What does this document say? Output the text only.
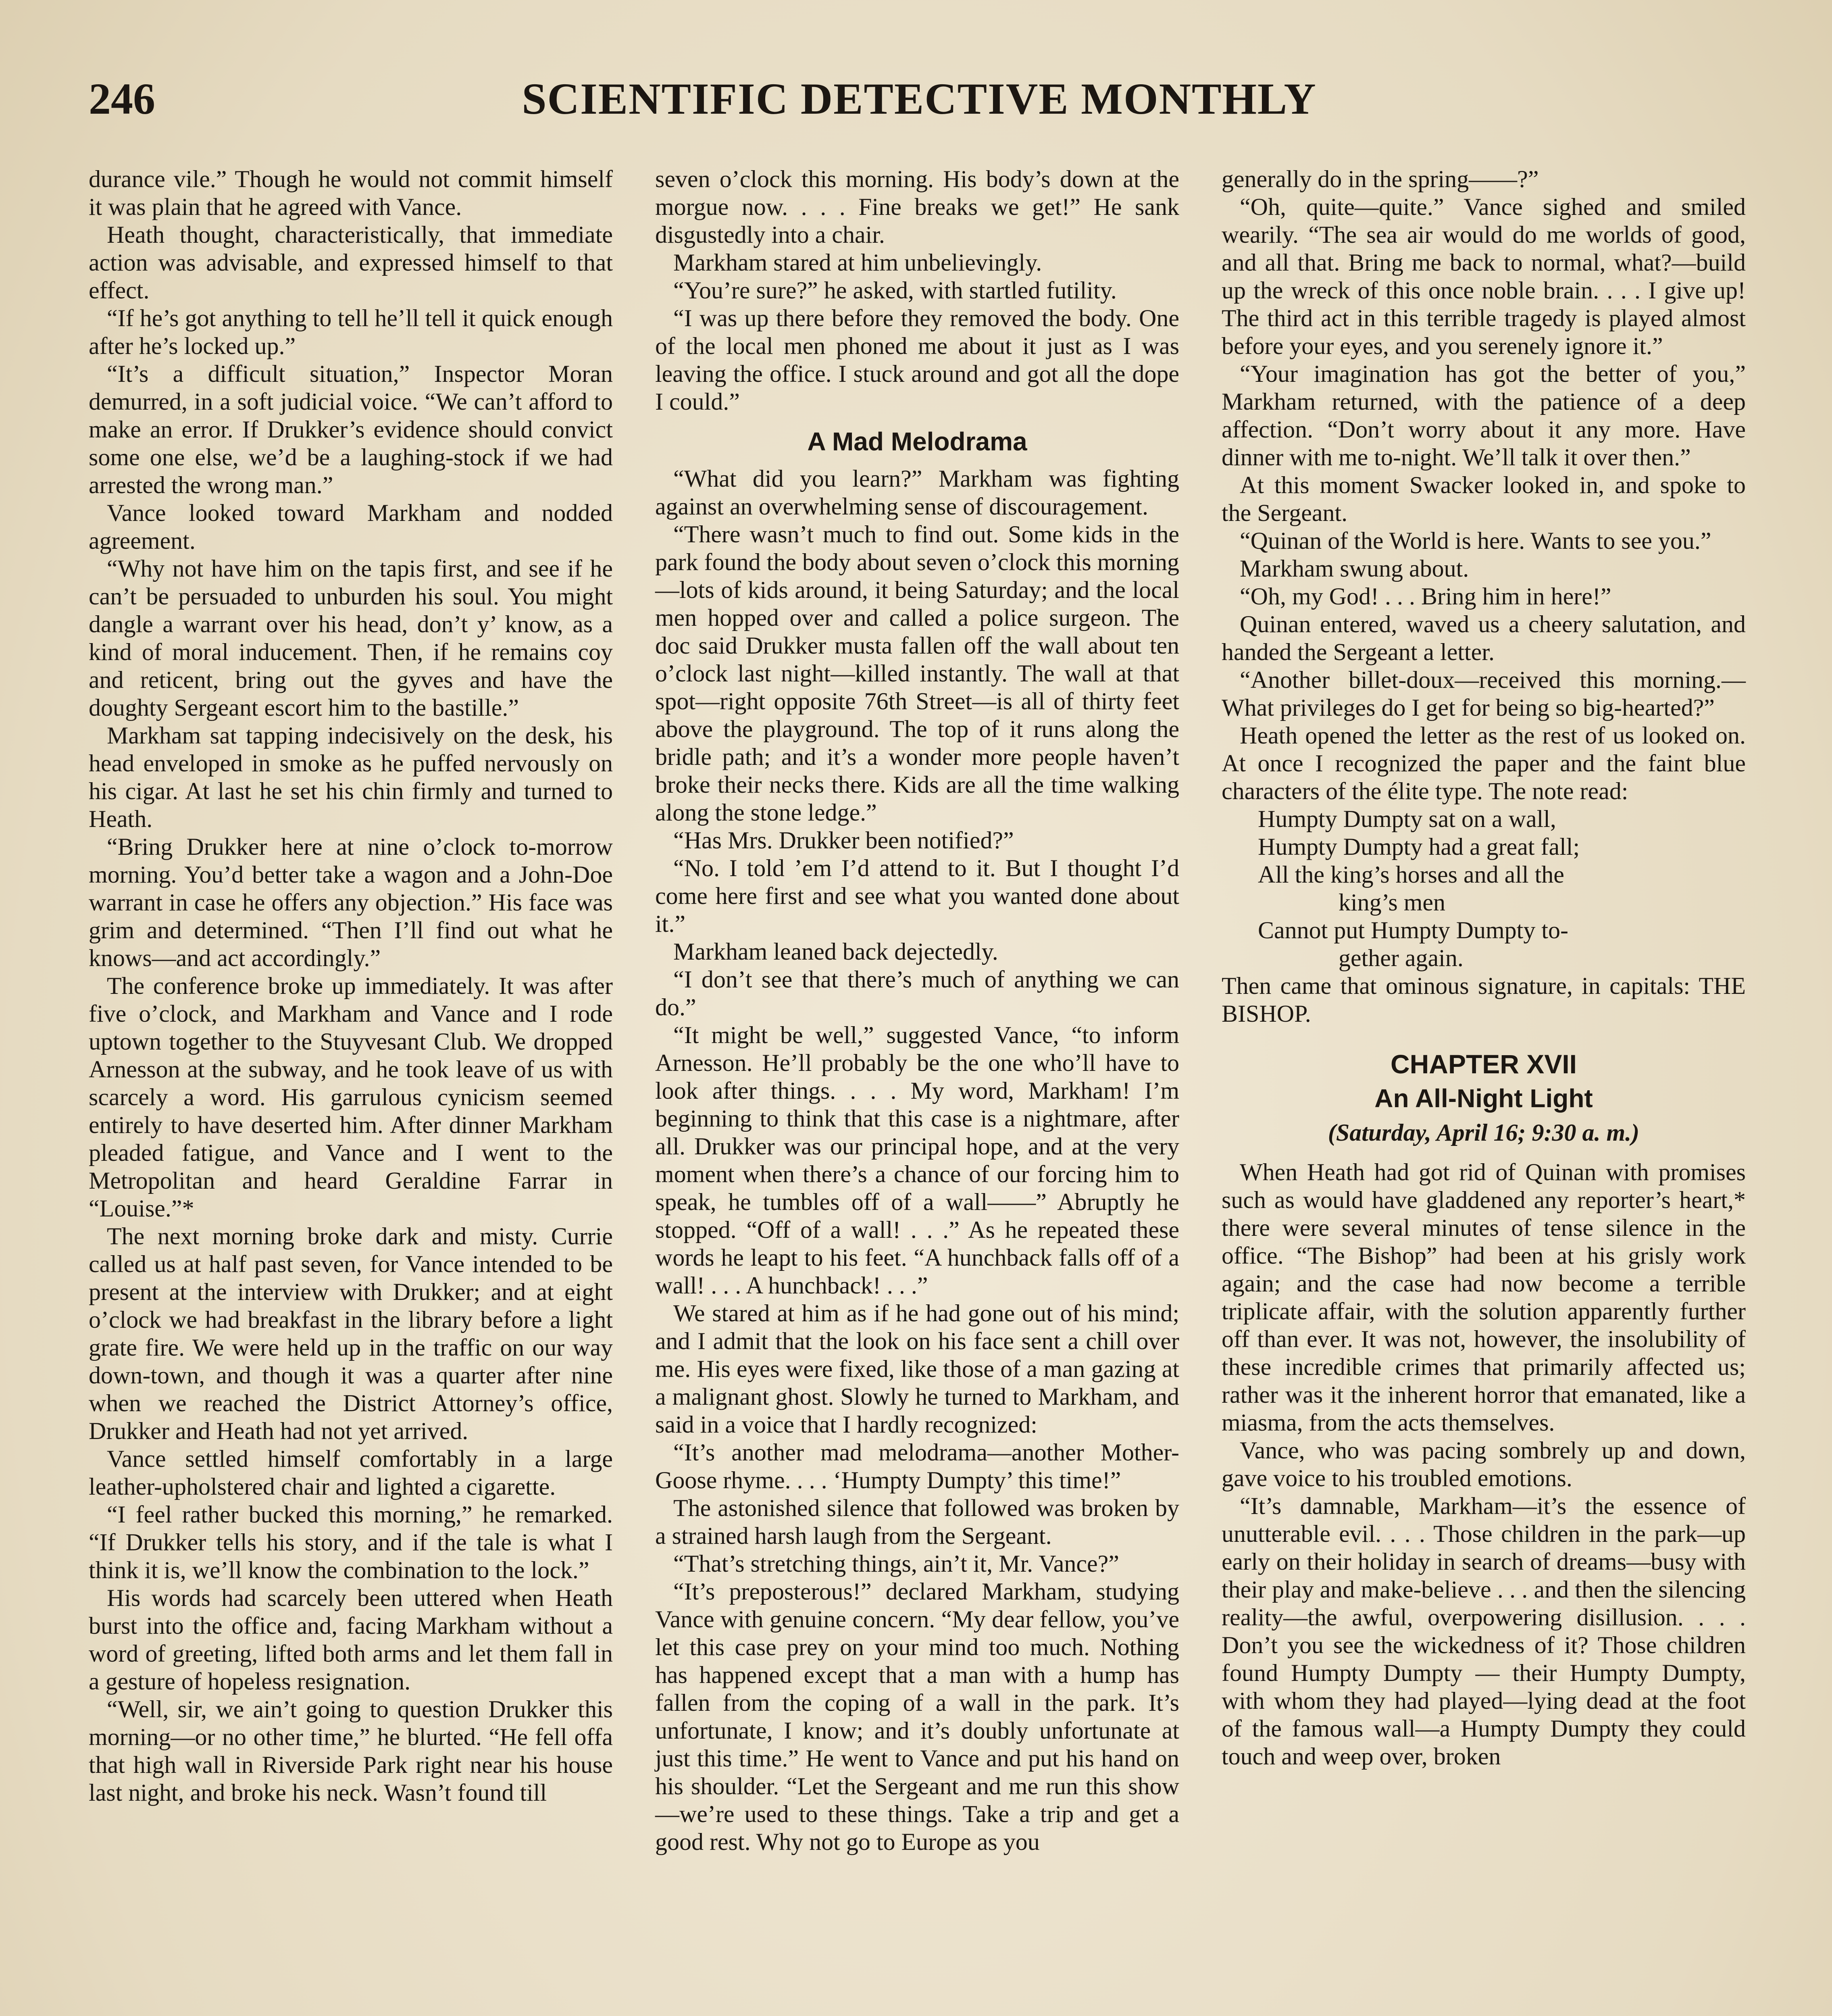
246	SCIENTIFIC DETECTIVE MONTHLY

durance vile.” Though he would not commit himself it was plain that he agreed with Vance.

Heath thought, characteristically, that immediate action was advisable, and expressed himself to that effect.

“If he’s got anything to tell he’ll tell it quick enough after he’s locked up.”

“It’s a difficult situation,” Inspector Moran demurred, in a soft judicial voice. “We can’t afford to make an error. If Drukker’s evidence should convict some one else, we’d be a laughing-stock if we had arrested the wrong man.”

Vance looked toward Markham and nodded agreement.

“Why not have him on the tapis first, and see if he can’t be persuaded to unburden his soul. You might dangle a warrant over his head, don’t y’ know, as a kind of moral inducement. Then, if he remains coy and reticent, bring out the gyves and have the doughty Sergeant escort him to the bastille.”

Markham sat tapping indecisively on the desk, his head enveloped in smoke as he puffed nervously on his cigar. At last he set his chin firmly and turned to Heath.

“Bring Drukker here at nine o’clock to-morrow morning. You’d better take a wagon and a John-Doe warrant in case he offers any objection.” His face was grim and determined. “Then I’ll find out what he knows—and act accordingly.”

The conference broke up immediately. It was after five o’clock, and Markham and Vance and I rode uptown together to the Stuyvesant Club. We dropped Arnesson at the subway, and he took leave of us with scarcely a word. His garrulous cynicism seemed entirely to have deserted him. After dinner Markham pleaded fatigue, and Vance and I went to the Metropolitan and heard Geraldine Farrar in “Louise.”*

The next morning broke dark and misty. Currie called us at half past seven, for Vance intended to be present at the interview with Drukker; and at eight o’clock we had breakfast in the library before a light grate fire. We were held up in the traffic on our way down-town, and though it was a quarter after nine when we reached the District Attorney’s office, Drukker and Heath had not yet arrived.

Vance settled himself comfortably in a large leather-upholstered chair and lighted a cigarette.

“I feel rather bucked this morning,” he remarked. “If Drukker tells his story, and if the tale is what I think it is, we’ll know the combination to the lock.”

His words had scarcely been uttered when Heath burst into the office and, facing Markham without a word of greeting, lifted both arms and let them fall in a gesture of hopeless resignation.

“Well, sir, we ain’t going to question Drukker this morning—or no other time,” he blurted. “He fell offa that high wall in Riverside Park right near his house last night, and broke his neck. Wasn’t found till

seven o’clock this morning. His body’s down at the morgue now. . . . Fine breaks we get!” He sank disgustedly into a chair.

Markham stared at him unbelievingly.

“You’re sure?” he asked, with startled futility.

“I was up there before they removed the body. One of the local men phoned me about it just as I was leaving the office. I stuck around and got all the dope I could.”

A Mad Melodrama

“What did you learn?” Markham was fighting against an overwhelming sense of discouragement.

“There wasn’t much to find out. Some kids in the park found the body about seven o’clock this morning—lots of kids around, it being Saturday; and the local men hopped over and called a police surgeon. The doc said Drukker musta fallen off the wall about ten o’clock last night—killed instantly. The wall at that spot—right opposite 76th Street—is all of thirty feet above the playground. The top of it runs along the bridle path; and it’s a wonder more people haven’t broke their necks there. Kids are all the time walking along the stone ledge.”

“Has Mrs. Drukker been notified?”

“No. I told ’em I’d attend to it. But I thought I’d come here first and see what you wanted done about it.”

Markham leaned back dejectedly.

“I don’t see that there’s much of anything we can do.”

“It might be well,” suggested Vance, “to inform Arnesson. He’ll probably be the one who’ll have to look after things. . . . My word, Markham! I’m beginning to think that this case is a nightmare, after all. Drukker was our principal hope, and at the very moment when there’s a chance of our forcing him to speak, he tumbles off of a wall——” Abruptly he stopped. “Off of a wall! . . .” As he repeated these words he leapt to his feet. “A hunchback falls off of a wall! . . . A hunchback! . . .”

We stared at him as if he had gone out of his mind; and I admit that the look on his face sent a chill over me. His eyes were fixed, like those of a man gazing at a malignant ghost. Slowly he turned to Markham, and said in a voice that I hardly recognized:

“It’s another mad melodrama—another Mother-Goose rhyme. . . . ‘Humpty Dumpty’ this time!”

The astonished silence that followed was broken by a strained harsh laugh from the Sergeant.

“That’s stretching things, ain’t it, Mr. Vance?”

“It’s preposterous!” declared Markham, studying Vance with genuine concern. “My dear fellow, you’ve let this case prey on your mind too much. Nothing has happened except that a man with a hump has fallen from the coping of a wall in the park. It’s unfortunate, I know; and it’s doubly unfortunate at just this time.” He went to Vance and put his hand on his shoulder. “Let the Sergeant and me run this show—we’re used to these things. Take a trip and get a good rest. Why not go to Europe as you

generally do in the spring——?”

“Oh, quite—quite.” Vance sighed and smiled wearily. “The sea air would do me worlds of good, and all that. Bring me back to normal, what?—build up the wreck of this once noble brain. . . . I give up! The third act in this terrible tragedy is played almost before your eyes, and you serenely ignore it.”

“Your imagination has got the better of you,” Markham returned, with the patience of a deep affection. “Don’t worry about it any more. Have dinner with me to-night. We’ll talk it over then.”

At this moment Swacker looked in, and spoke to the Sergeant.

“Quinan of the World is here. Wants to see you.”

Markham swung about.

“Oh, my God! . . . Bring him in here!”

Quinan entered, waved us a cheery salutation, and handed the Sergeant a letter.

“Another billet-doux—received this morning.—What privileges do I get for being so big-hearted?”

Heath opened the letter as the rest of us looked on. At once I recognized the paper and the faint blue characters of the élite type. The note read:

Humpty Dumpty sat on a wall,
Humpty Dumpty had a great fall;
All the king’s horses and all the
king’s men
Cannot put Humpty Dumpty to-
gether again.

Then came that ominous signature, in capitals: THE BISHOP.

CHAPTER XVII
An All-Night Light
(Saturday, April 16; 9:30 a. m.)

When Heath had got rid of Quinan with promises such as would have gladdened any reporter’s heart,* there were several minutes of tense silence in the office. “The Bishop” had been at his grisly work again; and the case had now become a terrible triplicate affair, with the solution apparently further off than ever. It was not, however, the insolubility of these incredible crimes that primarily affected us; rather was it the inherent horror that emanated, like a miasma, from the acts themselves.

Vance, who was pacing sombrely up and down, gave voice to his troubled emotions.

“It’s damnable, Markham—it’s the essence of unutterable evil. . . . Those children in the park—up early on their holiday in search of dreams—busy with their play and make-believe . . . and then the silencing reality—the awful, overpowering disillusion. . . . Don’t you see the wickedness of it? Those children found Humpty Dumpty — their Humpty Dumpty, with whom they had played—lying dead at the foot of the famous wall—a Humpty Dumpty they could touch and weep over, broken
